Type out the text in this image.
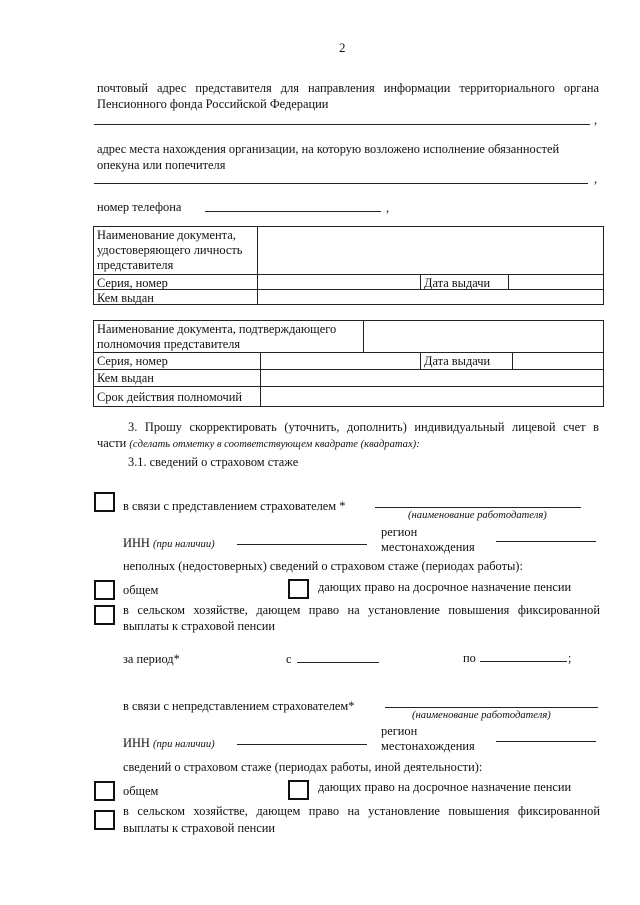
2
почтовый адрес представителя для направления информации территориального органа
Пенсионного фонда Российской Федерации
,
адрес места нахождения организации, на которую возложено исполнение обязанностей
опекуна или попечителя
,
номер телефона	,
Наименование документа, удостоверяющего личность представителя
Серия, номер	Дата выдачи
Кем выдан
Наименование документа, подтверждающего полномочия представителя
Серия, номер	Дата выдачи
Кем выдан
Срок действия полномочий
3. Прошу скорректировать (уточнить, дополнить) индивидуальный лицевой счет в
части (сделать отметку в соответствующем квадрате (квадратах):
3.1. сведений о страховом стаже
в связи с представлением страхователем *
(наименование работодателя)
ИНН (при наличии)
регион
местонахождения
неполных (недостоверных) сведений о страховом стаже (периодах работы):
общем	дающих право на досрочное назначение пенсии
в сельском хозяйстве, дающем право на установление повышения фиксированной
выплаты к страховой пенсии
за период*	с	по	;
в связи с непредставлением страхователем*
(наименование работодателя)
ИНН (при наличии)
регион
местонахождения
сведений о страховом стаже (периодах работы, иной деятельности):
общем	дающих право на досрочное назначение пенсии
в сельском хозяйстве, дающем право на установление повышения фиксированной
выплаты к страховой пенсии
